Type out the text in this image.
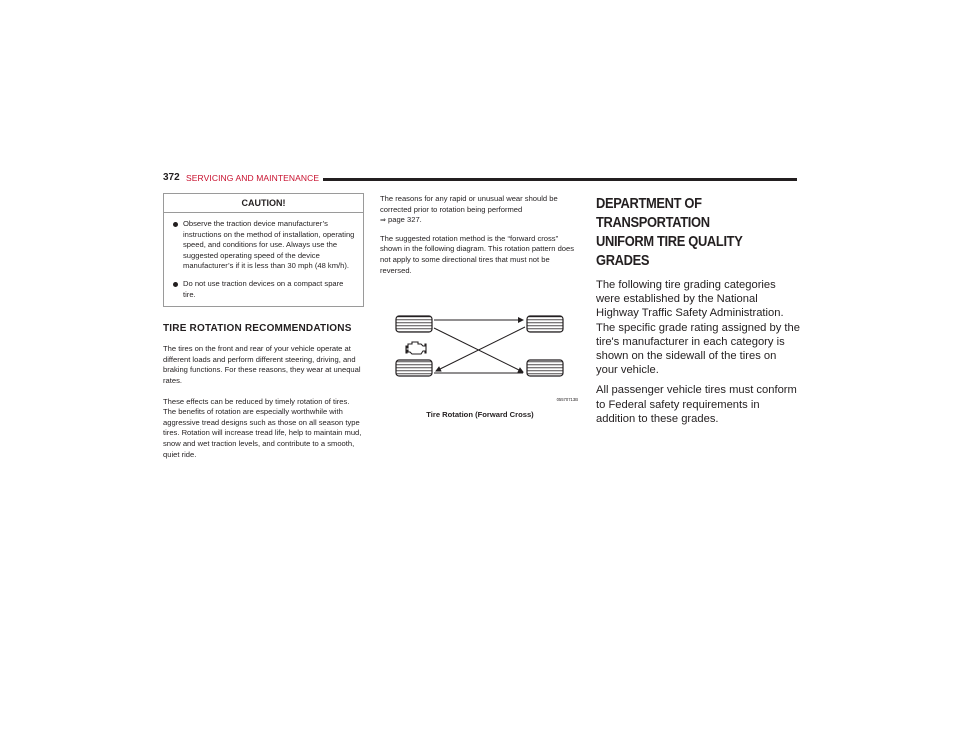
372 SERVICING AND MAINTENANCE
CAUTION!
Observe the traction device manufacturer’s instructions on the method of installation, operating speed, and conditions for use. Always use the suggested operating speed of the device manufacturer’s if it is less than 30 mph (48 km/h).
Do not use traction devices on a compact spare tire.
TIRE ROTATION RECOMMENDATIONS

The tires on the front and rear of your vehicle operate at different loads and perform different steering, driving, and braking functions. For these reasons, they wear at unequal rates.

These effects can be reduced by timely rotation of tires. The benefits of rotation are especially worthwhile with aggressive tread designs such as those on all season type tires. Rotation will increase tread life, help to maintain mud, snow and wet traction levels, and contribute to a smooth, quiet ride.

The reasons for any rapid or unusual wear should be corrected prior to rotation being performed
⇒ page 327.

The suggested rotation method is the “forward cross” shown in the following diagram. This rotation pattern does not apply to some directional tires that must not be reversed.

05570713B
Tire Rotation (Forward Cross)
DEPARTMENT OF TRANSPORTATION
UNIFORM TIRE QUALITY GRADES

The following tire grading categories were established by the National Highway Traffic Safety Administration. The specific grade rating assigned by the tire's manufacturer in each category is shown on the sidewall of the tires on your vehicle.

All passenger vehicle tires must conform to Federal safety requirements in addition to these grades.
